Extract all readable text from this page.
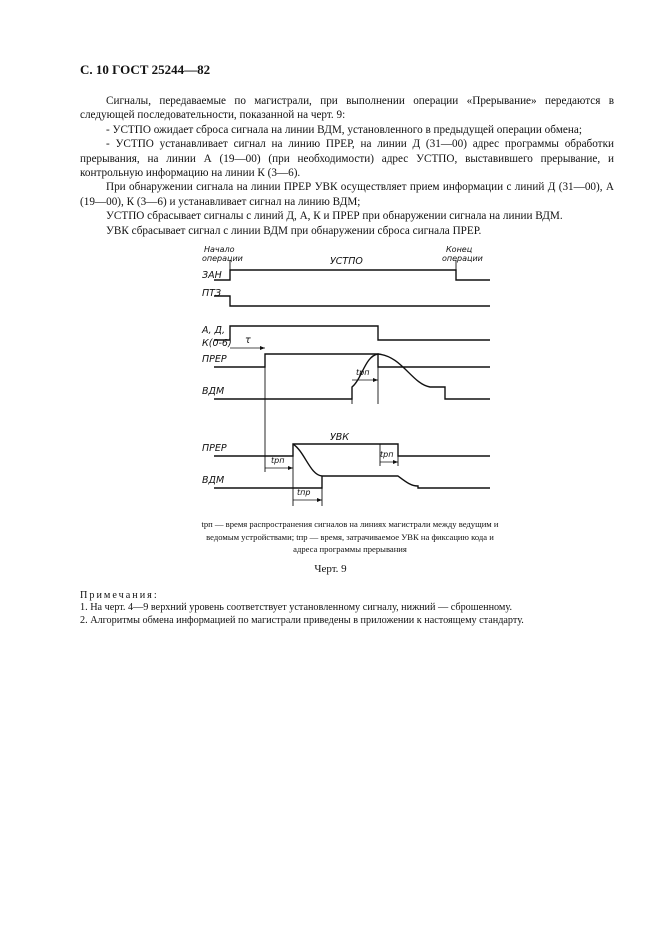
С. 10 ГОСТ 25244—82

Сигналы, передаваемые по магистрали, при выполнении операции «Прерывание» передаются в следующей последовательности, показанной на черт. 9:

- УСТПО ожидает сброса сигнала на линии ВДМ, установленного в предыдущей операции обмена;

- УСТПО устанавливает сигнал на линию ПРЕР, на линии Д (31—00) адрес программы обработки прерывания, на линии А (19—00) (при необходимости) адрес УСТПО, выставившего прерывание, и контрольную информацию на линии К (3—6).

При обнаружении сигнала на линии ПРЕР УВК осуществляет прием информации с линий Д (31—00), А (19—00), К (3—6) и устанавливает сигнал на линию ВДМ;

УСТПО сбрасывает сигналы с линий Д, А, К и ПРЕР при обнаружении сигнала на линии ВДМ.

УВК сбрасывает сигнал с линии ВДМ при обнаружении сброса сигнала ПРЕР.

Начало
операции
Конец
операции
УСТПО
УВК
ЗАН
ПТЗ
А, Д,
К(0-6)
ПРЕР
ВДМ
ПРЕР
ВДМ
τ
tрп
tрп
tпр
tрп
tрп — время распространения сигналов на линиях магистрали между ведущим и
ведомым устройствами; tпр — время, затрачиваемое УВК на фиксацию кода и
адреса программы прерывания
Черт. 9

Примечания:

1. На черт. 4—9 верхний уровень соответствует установленному сигналу, нижний — сброшенному.

2. Алгоритмы обмена информацией по магистрали приведены в приложении к настоящему стандарту.
